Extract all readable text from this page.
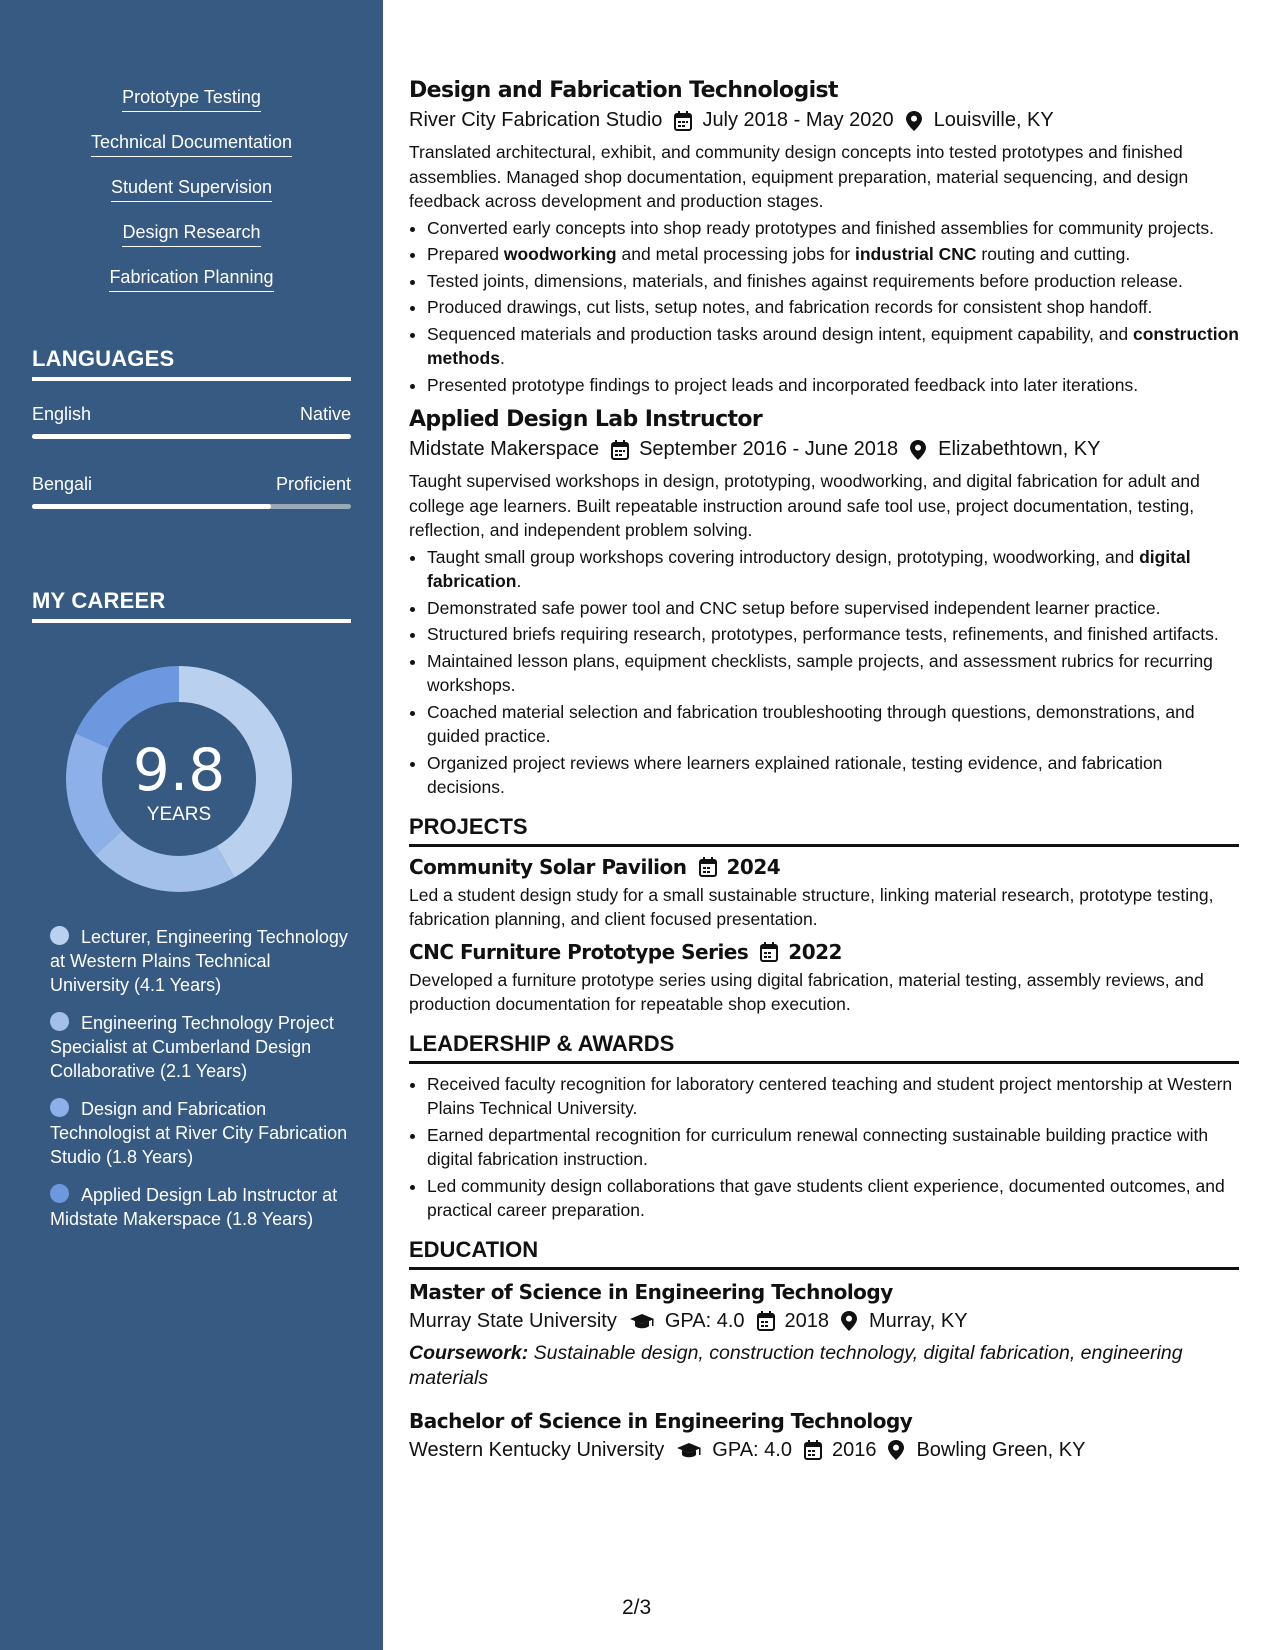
Prototype Testing
Technical Documentation
Student Supervision
Design Research
Fabrication Planning
LANGUAGES
English	Native
Bengali	Proficient
MY CAREER
9.8
YEARS
Lecturer, Engineering Technology at Western Plains Technical University (4.1 Years)
Engineering Technology Project Specialist at Cumberland Design Collaborative (2.1 Years)
Design and Fabrication Technologist at River City Fabrication Studio (1.8 Years)
Applied Design Lab Instructor at Midstate Makerspace (1.8 Years)
Design and Fabrication Technologist
River City Fabrication Studio July 2018 - May 2020 Louisville, KY
Translated architectural, exhibit, and community design concepts into tested prototypes and finished assemblies. Managed shop documentation, equipment preparation, material sequencing, and design feedback across development and production stages.
• Converted early concepts into shop ready prototypes and finished assemblies for community projects.
• Prepared woodworking and metal processing jobs for industrial CNC routing and cutting.
• Tested joints, dimensions, materials, and finishes against requirements before production release.
• Produced drawings, cut lists, setup notes, and fabrication records for consistent shop handoff.
• Sequenced materials and production tasks around design intent, equipment capability, and construction methods.
• Presented prototype findings to project leads and incorporated feedback into later iterations.
Applied Design Lab Instructor
Midstate Makerspace September 2016 - June 2018 Elizabethtown, KY
Taught supervised workshops in design, prototyping, woodworking, and digital fabrication for adult and college age learners. Built repeatable instruction around safe tool use, project documentation, testing, reflection, and independent problem solving.
• Taught small group workshops covering introductory design, prototyping, woodworking, and digital fabrication.
• Demonstrated safe power tool and CNC setup before supervised independent learner practice.
• Structured briefs requiring research, prototypes, performance tests, refinements, and finished artifacts.
• Maintained lesson plans, equipment checklists, sample projects, and assessment rubrics for recurring workshops.
• Coached material selection and fabrication troubleshooting through questions, demonstrations, and guided practice.
• Organized project reviews where learners explained rationale, testing evidence, and fabrication decisions.
PROJECTS
Community Solar Pavilion 2024
Led a student design study for a small sustainable structure, linking material research, prototype testing, fabrication planning, and client focused presentation.
CNC Furniture Prototype Series 2022
Developed a furniture prototype series using digital fabrication, material testing, assembly reviews, and production documentation for repeatable shop execution.
LEADERSHIP & AWARDS
• Received faculty recognition for laboratory centered teaching and student project mentorship at Western Plains Technical University.
• Earned departmental recognition for curriculum renewal connecting sustainable building practice with digital fabrication instruction.
• Led community design collaborations that gave students client experience, documented outcomes, and practical career preparation.
EDUCATION
Master of Science in Engineering Technology
Murray State University GPA: 4.0 2018 Murray, KY
Coursework: Sustainable design, construction technology, digital fabrication, engineering materials
Bachelor of Science in Engineering Technology
Western Kentucky University GPA: 4.0 2016 Bowling Green, KY
2/3
